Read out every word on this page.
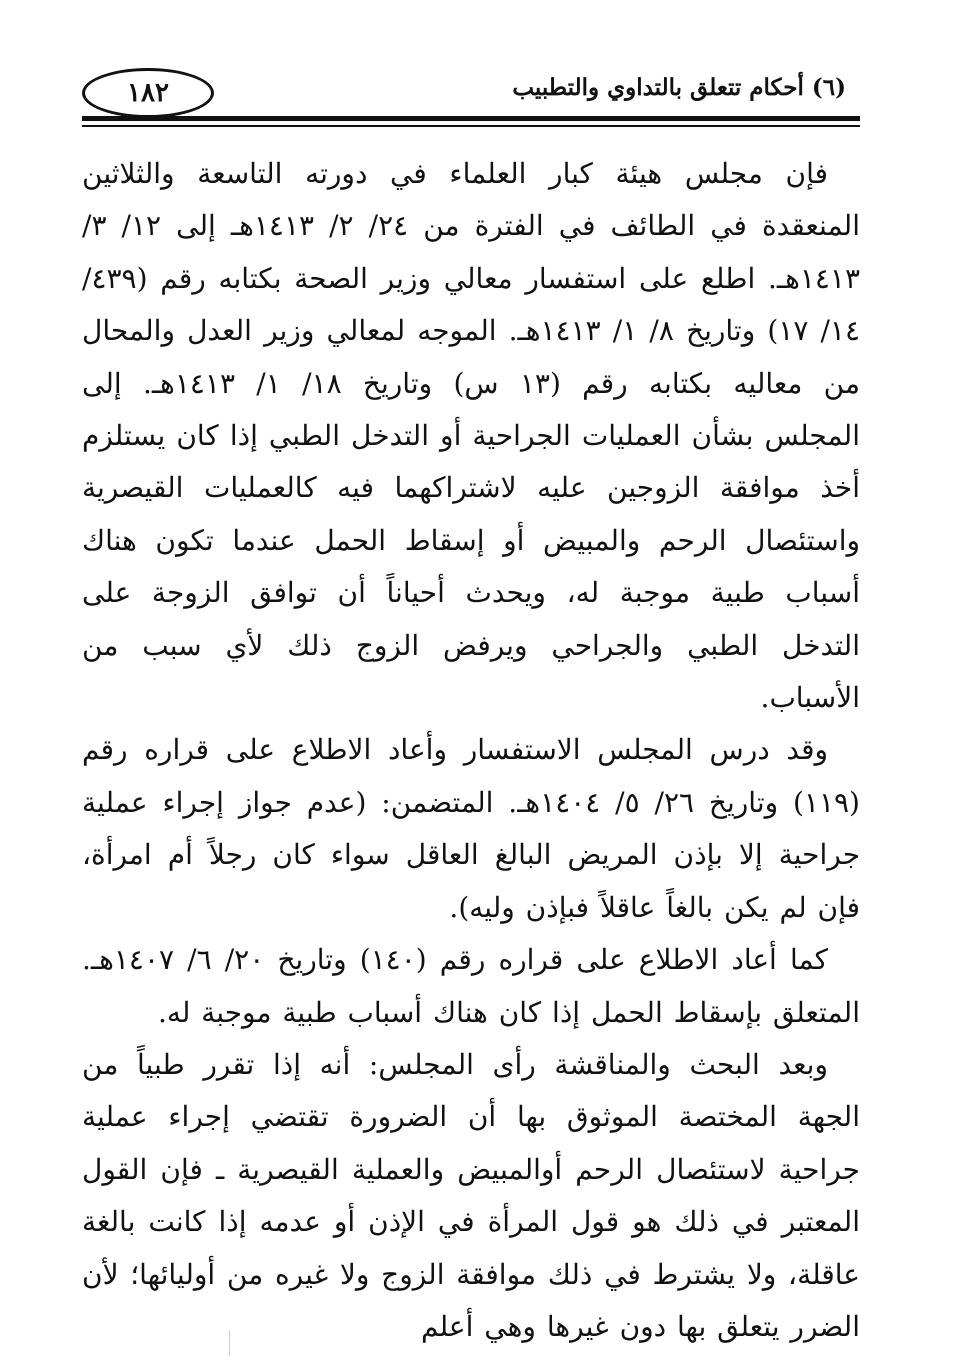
١٨٢	(٦) أحكام تتعلق بالتداوي والتطبيب

فإن مجلس هيئة كبار العلماء في دورته التاسعة والثلاثين المنعقدة في الطائف في الفترة من ٢٤/ ٢/ ١٤١٣هـ إلى ١٢/ ٣/ ١٤١٣هـ. اطلع على استفسار معالي وزير الصحة بكتابه رقم (٤٣٩/ ١٤/ ١٧) وتاريخ ٨/ ١/ ١٤١٣هـ. الموجه لمعالي وزير العدل والمحال من معاليه بكتابه رقم (١٣ س) وتاريخ ١٨/ ١/ ١٤١٣هـ. إلى المجلس بشأن العمليات الجراحية أو التدخل الطبي إذا كان يستلزم أخذ موافقة الزوجين عليه لاشتراكهما فيه كالعمليات القيصرية واستئصال الرحم والمبيض أو إسقاط الحمل عندما تكون هناك أسباب طبية موجبة له، ويحدث أحياناً أن توافق الزوجة على التدخل الطبي والجراحي ويرفض الزوج ذلك لأي سبب من الأسباب.

وقد درس المجلس الاستفسار وأعاد الاطلاع على قراره رقم (١١٩) وتاريخ ٢٦/ ٥/ ١٤٠٤هـ. المتضمن: (عدم جواز إجراء عملية جراحية إلا بإذن المريض البالغ العاقل سواء كان رجلاً أم امرأة، فإن لم يكن بالغاً عاقلاً فبإذن وليه).

كما أعاد الاطلاع على قراره رقم (١٤٠) وتاريخ ٢٠/ ٦/ ١٤٠٧هـ. المتعلق بإسقاط الحمل إذا كان هناك أسباب طبية موجبة له.

وبعد البحث والمناقشة رأى المجلس: أنه إذا تقرر طبياً من الجهة المختصة الموثوق بها أن الضرورة تقتضي إجراء عملية جراحية لاستئصال الرحم أوالمبيض والعملية القيصرية ـ فإن القول المعتبر في ذلك هو قول المرأة في الإذن أو عدمه إذا كانت بالغة عاقلة، ولا يشترط في ذلك موافقة الزوج ولا غيره من أوليائها؛ لأن الضرر يتعلق بها دون غيرها وهي أعلم
